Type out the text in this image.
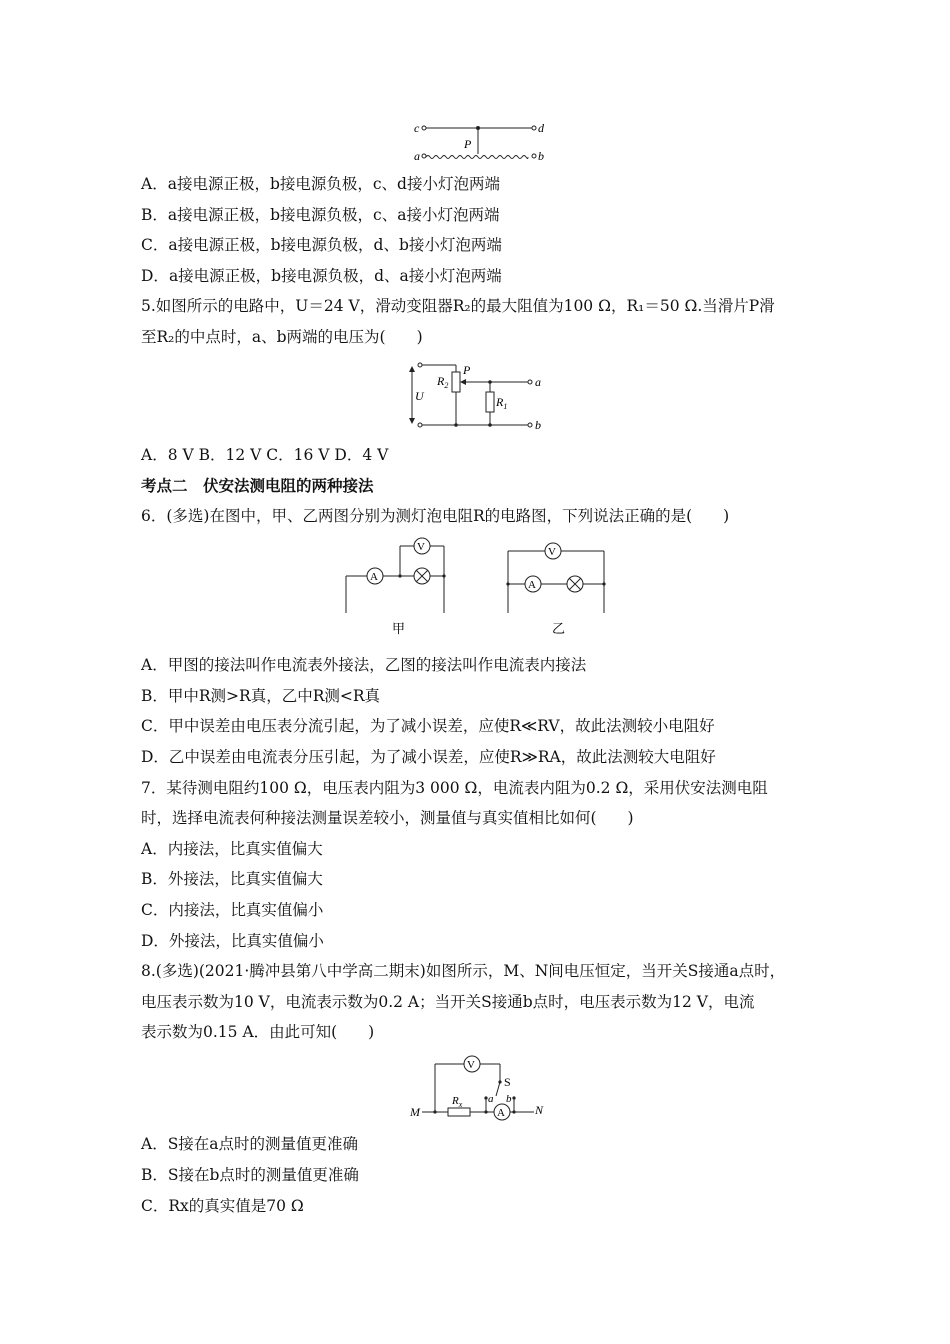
c	d
a	b
P
A．a接电源正极，b接电源负极，c、d接小灯泡两端
B．a接电源正极，b接电源负极，c、a接小灯泡两端
C．a接电源正极，b接电源负极，d、b接小灯泡两端
D．a接电源正极，b接电源负极，d、a接小灯泡两端
5.如图所示的电路中，U＝24 V，滑动变阻器R₂的最大阻值为100 Ω，R₁＝50 Ω.当滑片P滑
至R₂的中点时，a、b两端的电压为(　　)
U
$R_2$
P
$R_1$
a
b
A．8 V B．12 V C．16 V D．4 V
考点二　伏安法测电阻的两种接法
6．(多选)在图中，甲、乙两图分别为测灯泡电阻R的电路图，下列说法正确的是(　　)
A
V
甲
V
A
乙
A．甲图的接法叫作电流表外接法，乙图的接法叫作电流表内接法
B．甲中R测>R真，乙中R测<R真
C．甲中误差由电压表分流引起，为了减小误差，应使R≪RV，故此法测较小电阻好
D．乙中误差由电流表分压引起，为了减小误差，应使R≫RA，故此法测较大电阻好
7．某待测电阻约100 Ω，电压表内阻为3 000 Ω，电流表内阻为0.2 Ω，采用伏安法测电阻
时，选择电流表何种接法测量误差较小，测量值与真实值相比如何(　　)
A．内接法，比真实值偏大
B．外接法，比真实值偏大
C．内接法，比真实值偏小
D．外接法，比真实值偏小
8.(多选)(2021·腾冲县第八中学高二期末)如图所示，M、N间电压恒定，当开关S接通a点时，
电压表示数为10 V，电流表示数为0.2 A；当开关S接通b点时，电压表示数为12 V，电流
表示数为0.15 A．由此可知(　　)
M
V
$R_x$
A
a b
S
N
A．S接在a点时的测量值更准确
B．S接在b点时的测量值更准确
C．Rx的真实值是70 Ω
